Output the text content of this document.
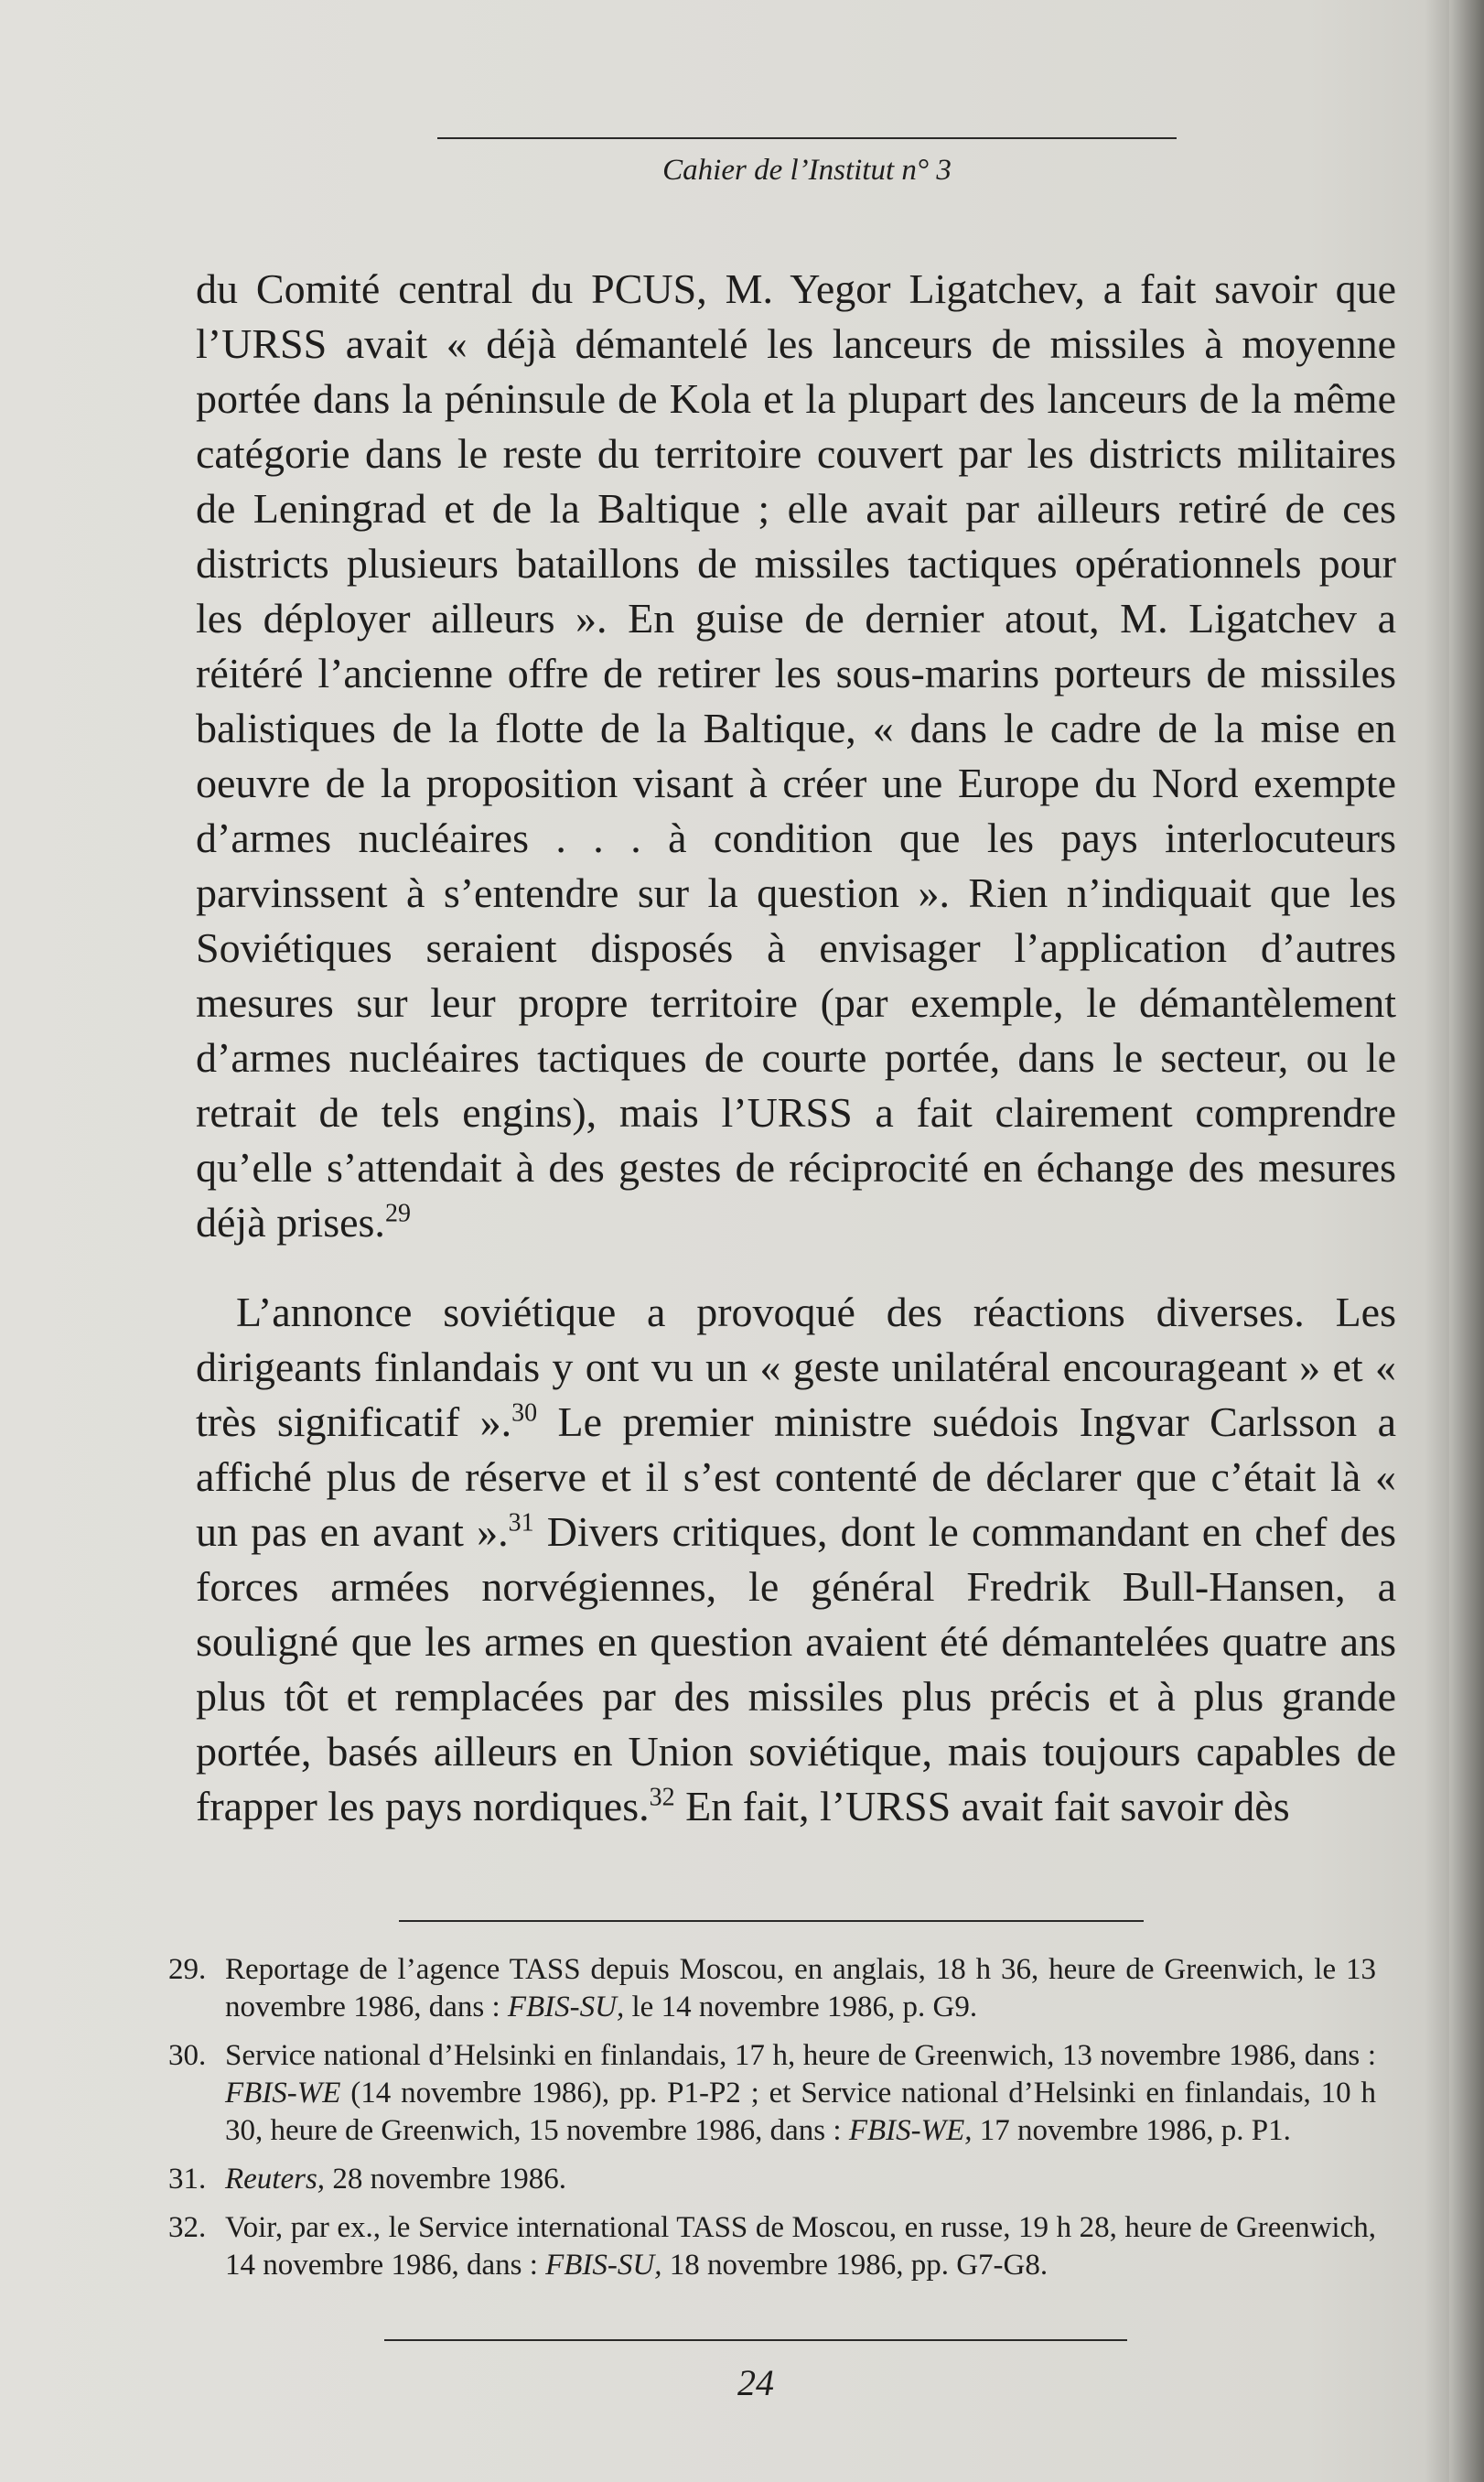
Cahier de l’Institut n° 3

du Comité central du PCUS, M. Yegor Ligatchev, a fait savoir que l’URSS avait « déjà démantelé les lanceurs de missiles à moyenne portée dans la péninsule de Kola et la plupart des lanceurs de la même catégorie dans le reste du territoire couvert par les districts militaires de Leningrad et de la Baltique ; elle avait par ailleurs retiré de ces districts plusieurs bataillons de missiles tactiques opérationnels pour les déployer ailleurs ». En guise de dernier atout, M. Ligatchev a réitéré l’ancienne offre de retirer les sous-marins porteurs de missiles balistiques de la flotte de la Baltique, « dans le cadre de la mise en oeuvre de la proposition visant à créer une Europe du Nord exempte d’armes nucléaires . . . à condition que les pays interlocuteurs parvinssent à s’entendre sur la question ». Rien n’indiquait que les Soviétiques seraient disposés à envisager l’application d’autres mesures sur leur propre territoire (par exemple, le démantèlement d’armes nucléaires tactiques de courte portée, dans le secteur, ou le retrait de tels engins), mais l’URSS a fait clairement comprendre qu’elle s’attendait à des gestes de réciprocité en échange des mesures déjà prises.$^{29}$

L’annonce soviétique a provoqué des réactions diverses. Les dirigeants finlandais y ont vu un « geste unilatéral encourageant » et « très significatif ».$^{30}$ Le premier ministre suédois Ingvar Carlsson a affiché plus de réserve et il s’est contenté de déclarer que c’était là « un pas en avant ».$^{31}$ Divers critiques, dont le commandant en chef des forces armées norvégiennes, le général Fredrik Bull-Hansen, a souligné que les armes en question avaient été démantelées quatre ans plus tôt et remplacées par des missiles plus précis et à plus grande portée, basés ailleurs en Union soviétique, mais toujours capables de frapper les pays nordiques.$^{32}$ En fait, l’URSS avait fait savoir dès

29. Reportage de l’agence TASS depuis Moscou, en anglais, 18 h 36, heure de Greenwich, le 13 novembre 1986, dans : FBIS-SU, le 14 novembre 1986, p. G9.
30. Service national d’Helsinki en finlandais, 17 h, heure de Greenwich, 13 novembre 1986, dans : FBIS-WE (14 novembre 1986), pp. P1-P2 ; et Service national d’Helsinki en finlandais, 10 h 30, heure de Greenwich, 15 novembre 1986, dans : FBIS-WE, 17 novembre 1986, p. P1.
31. Reuters, 28 novembre 1986.
32. Voir, par ex., le Service international TASS de Moscou, en russe, 19 h 28, heure de Greenwich, 14 novembre 1986, dans : FBIS-SU, 18 novembre 1986, pp. G7-G8.
24
